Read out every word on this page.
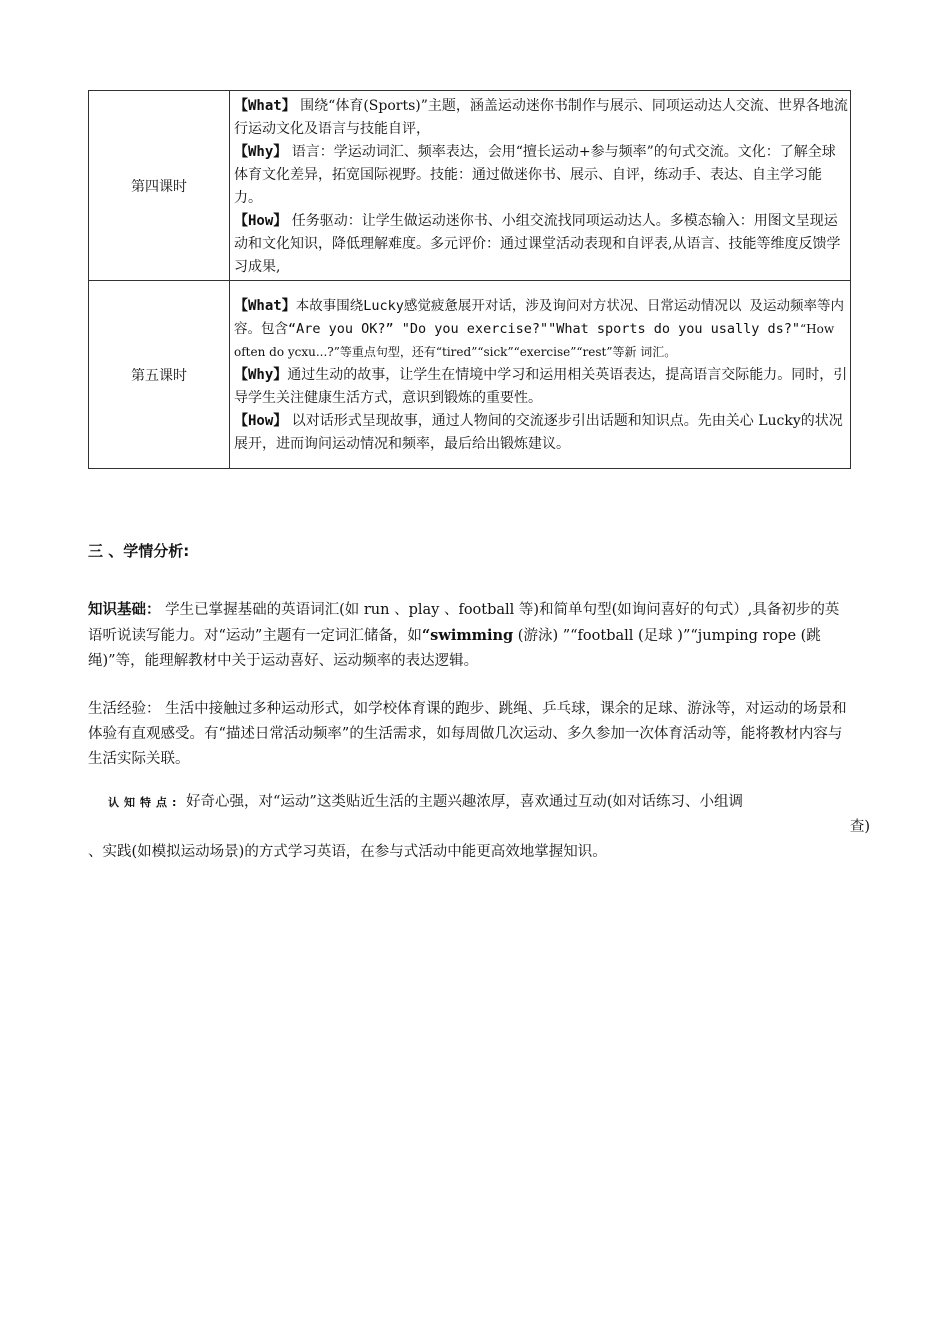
第四课时	【What】 围绕“体育(Sports)”主题，涵盖运动迷你书制作与展示、同项运动达人交流、世界各地流行运动文化及语言与技能自评，

【Why】 语言：学运动词汇、频率表达，会用“擅长运动+参与频率”的句式交流。文化：了解全球体育文化差异，拓宽国际视野。技能：通过做迷你书、展示、自评，练动手、表达、自主学习能力。

【How】 任务驱动：让学生做运动迷你书、小组交流找同项运动达人。多模态输入：用图文呈现运动和文化知识，降低理解难度。多元评价：通过课堂活动表现和自评表,从语言、技能等维度反馈学习成果,

第五课时	【What】本故事围绕Lucky感觉疲惫展开对话，涉及询问对方状况、日常运动情况以 及运动频率等内容。包含“Are you OK?” "Do you exercise?""What sports do you usally ds?"“How often do ycxu...?”等重点句型，还有“tired”“sick”“exercise”“rest”等新 词汇。

【Why】通过生动的故事，让学生在情境中学习和运用相关英语表达，提高语言交际能力。同时，引导学生关注健康生活方式，意识到锻炼的重要性。

【How】 以对话形式呈现故事，通过人物间的交流逐步引出话题和知识点。先由关心 Lucky的状况展开，进而询问运动情况和频率，最后给出锻炼建议。

三 、学情分析:

知识基础： 学生已掌握基础的英语词汇(如 run 、play 、football 等)和简单句型(如询问喜好的句式）,具备初步的英语听说读写能力。对“运动”主题有一定词汇储备，如“swimming (游泳) ”“football (足球 )”“jumping rope (跳绳)”等，能理解教材中关于运动喜好、运动频率的表达逻辑。

生活经验： 生活中接触过多种运动形式，如学校体育课的跑步、跳绳、乒乓球，课余的足球、游泳等，对运动的场景和体验有直观感受。有“描述日常活动频率”的生活需求，如每周做几次运动、多久参加一次体育活动等，能将教材内容与生活实际关联。

认知特点: 好奇心强，对“运动”这类贴近生活的主题兴趣浓厚，喜欢通过互动(如对话练习、小组调
查)
、实践(如模拟运动场景)的方式学习英语，在参与式活动中能更高效地掌握知识。
